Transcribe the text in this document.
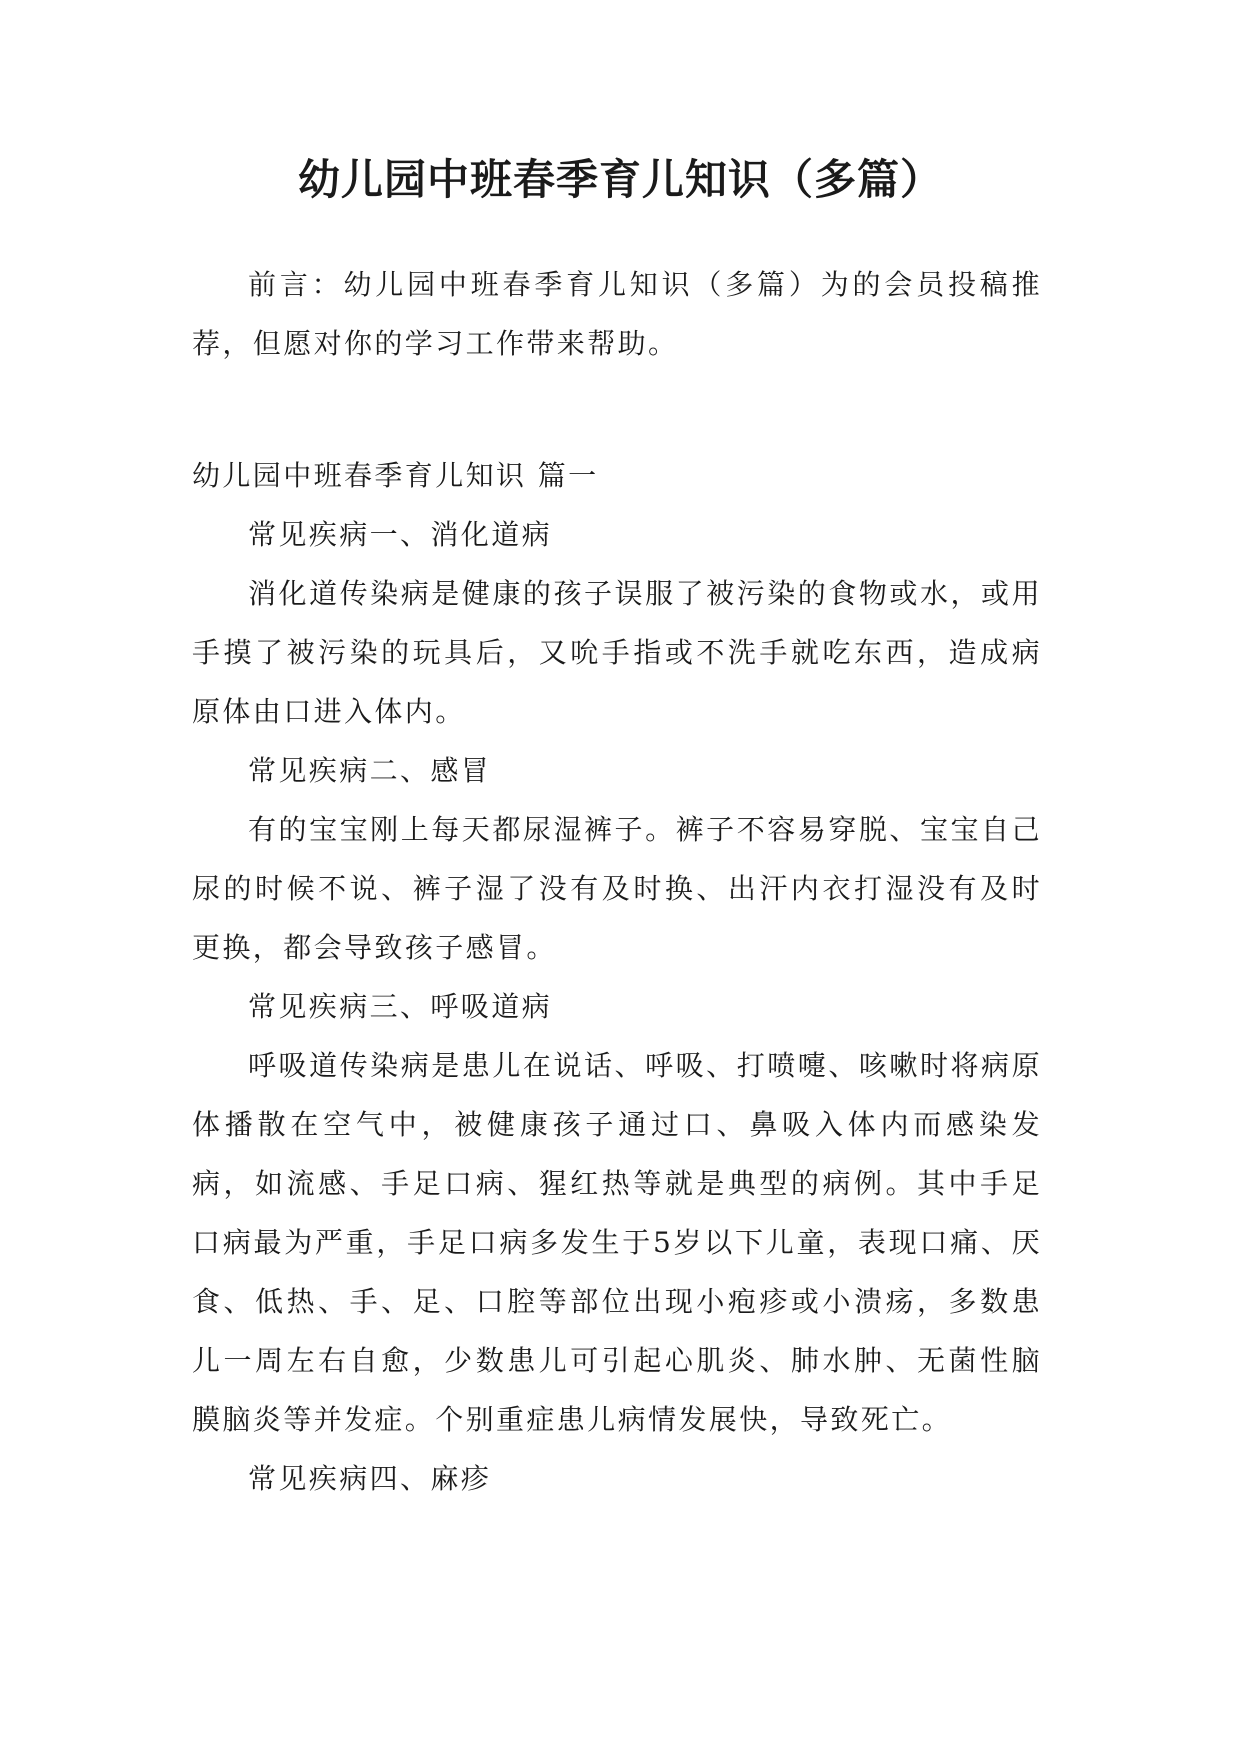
幼儿园中班春季育儿知识（多篇）

前言：幼儿园中班春季育儿知识（多篇）为的会员投稿推荐，但愿对你的学习工作带来帮助。

幼儿园中班春季育儿知识 篇一

常见疾病一、消化道病

消化道传染病是健康的孩子误服了被污染的食物或水，或用手摸了被污染的玩具后，又吮手指或不洗手就吃东西，造成病原体由口进入体内。

常见疾病二、感冒

有的宝宝刚上每天都尿湿裤子。裤子不容易穿脱、宝宝自己尿的时候不说、裤子湿了没有及时换、出汗内衣打湿没有及时更换，都会导致孩子感冒。

常见疾病三、呼吸道病

呼吸道传染病是患儿在说话、呼吸、打喷嚏、咳嗽时将病原体播散在空气中，被健康孩子通过口、鼻吸入体内而感染发病，如流感、手足口病、猩红热等就是典型的病例。其中手足口病最为严重，手足口病多发生于5岁以下儿童，表现口痛、厌食、低热、手、足、口腔等部位出现小疱疹或小溃疡，多数患儿一周左右自愈，少数患儿可引起心肌炎、肺水肿、无菌性脑膜脑炎等并发症。个别重症患儿病情发展快，导致死亡。

常见疾病四、麻疹
